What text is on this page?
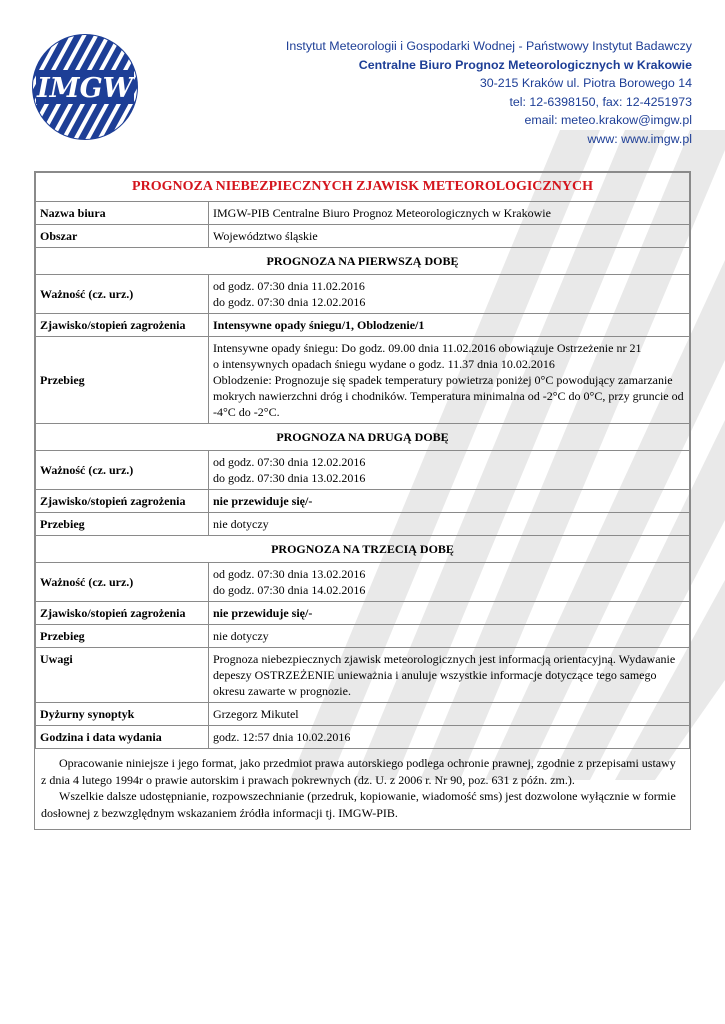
IMGW
Instytut Meteorologii i Gospodarki Wodnej - Państwowy Instytut Badawczy
Centralne Biuro Prognoz Meteorologicznych w Krakowie
30-215 Kraków ul. Piotra Borowego 14
tel: 12-6398150, fax: 12-4251973
email: meteo.krakow@imgw.pl
www: www.imgw.pl
PROGNOZA NIEBEZPIECZNYCH ZJAWISK METEOROLOGICZNYCH	
Nazwa biura	IMGW-PIB Centralne Biuro Prognoz Meteorologicznych w Krakowie
Obszar	Województwo śląskie
PROGNOZA NA PIERWSZĄ DOBĘ	
Ważność (cz. urz.)	od godz. 07:30 dnia 11.02.2016
do godz. 07:30 dnia 12.02.2016

Zjawisko/stopień zagrożenia	Intensywne opady śniegu/1, Oblodzenie/1
Przebieg	Intensywne opady śniegu: Do godz. 09.00 dnia 11.02.2016 obowiązuje Ostrzeżenie nr 21
o intensywnych opadach śniegu wydane o godz. 11.37 dnia 10.02.2016
Oblodzenie: Prognozuje się spadek temperatury powietrza poniżej 0°C powodujący zamarzanie mokrych nawierzchni dróg i chodników. Temperatura minimalna od -2°C do 0°C, przy gruncie od -4°C do -2°C.

PROGNOZA NA DRUGĄ DOBĘ	
Ważność (cz. urz.)	od godz. 07:30 dnia 12.02.2016
do godz. 07:30 dnia 13.02.2016

Zjawisko/stopień zagrożenia	nie przewiduje się/-
Przebieg	nie dotyczy
PROGNOZA NA TRZECIĄ DOBĘ	
Ważność (cz. urz.)	od godz. 07:30 dnia 13.02.2016
do godz. 07:30 dnia 14.02.2016

Zjawisko/stopień zagrożenia	nie przewiduje się/-
Przebieg	nie dotyczy
Uwagi	Prognoza niebezpiecznych zjawisk meteorologicznych jest informacją orientacyjną. Wydawanie depeszy OSTRZEŻENIE unieważnia i anuluje wszystkie informacje dotyczące tego samego okresu zawarte w prognozie.
Dyżurny synoptyk	Grzegorz Mikutel
Godzina i data wydania	godz. 12:57 dnia 10.02.2016

Opracowanie niniejsze i jego format, jako przedmiot prawa autorskiego podlega ochronie prawnej, zgodnie z przepisami ustawy z dnia 4 lutego 1994r o prawie autorskim i prawach pokrewnych (dz. U. z 2006 r. Nr 90, poz. 631 z późn. zm.).

Wszelkie dalsze udostępnianie, rozpowszechnianie (przedruk, kopiowanie, wiadomość sms) jest dozwolone wyłącznie w formie dosłownej z bezwzględnym wskazaniem źródła informacji tj. IMGW-PIB.
